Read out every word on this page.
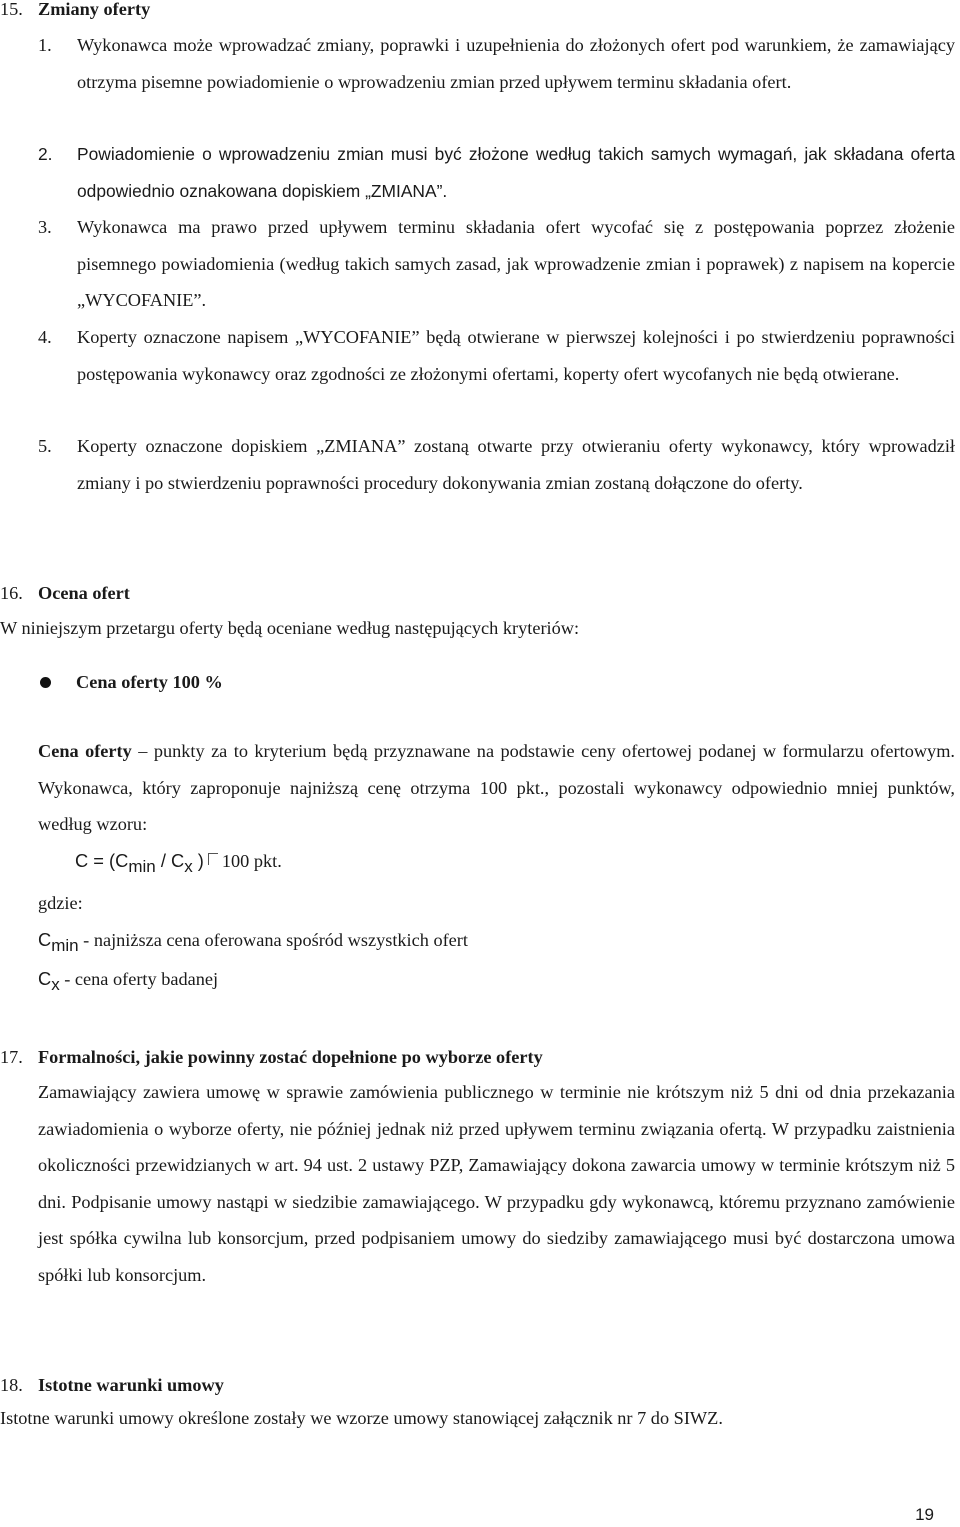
15. Zmiany oferty
1. Wykonawca może wprowadzać zmiany, poprawki i uzupełnienia do złożonych ofert pod warunkiem, że zamawiający otrzyma pisemne powiadomienie o wprowadzeniu zmian przed upływem terminu składania ofert.
2. Powiadomienie o wprowadzeniu zmian musi być złożone według takich samych wymagań, jak składana oferta odpowiednio oznakowana dopiskiem „ZMIANA”.
3. Wykonawca ma prawo przed upływem terminu składania ofert wycofać się z postępowania poprzez złożenie pisemnego powiadomienia (według takich samych zasad, jak wprowadzenie zmian i poprawek) z napisem na kopercie „WYCOFANIE”.
4. Koperty oznaczone napisem „WYCOFANIE” będą otwierane w pierwszej kolejności i po stwierdzeniu poprawności postępowania wykonawcy oraz zgodności ze złożonymi ofertami, koperty ofert wycofanych nie będą otwierane.
5. Koperty oznaczone dopiskiem „ZMIANA” zostaną otwarte przy otwieraniu oferty wykonawcy, który wprowadził zmiany i po stwierdzeniu poprawności procedury dokonywania zmian zostaną dołączone do oferty.
16. Ocena ofert
W niniejszym przetargu oferty będą oceniane według następujących kryteriów:
Cena oferty 100 %
Cena oferty – punkty za to kryterium będą przyznawane na podstawie ceny ofertowej podanej w formularzu ofertowym. Wykonawca, który zaproponuje najniższą cenę otrzyma 100 pkt., pozostali wykonawcy odpowiednio mniej punktów, według wzoru:
$C = (C_{min} / C_x$ ) 100 pkt.
gdzie:
$C_{min}$ - najniższa cena oferowana spośród wszystkich ofert
$C_x$ - cena oferty badanej
17. Formalności, jakie powinny zostać dopełnione po wyborze oferty
Zamawiający zawiera umowę w sprawie zamówienia publicznego w terminie nie krótszym niż 5 dni od dnia przekazania zawiadomienia o wyborze oferty, nie później jednak niż przed upływem terminu związania ofertą. W przypadku zaistnienia okoliczności przewidzianych w art. 94 ust. 2 ustawy PZP, Zamawiający dokona zawarcia umowy w terminie krótszym niż 5 dni. Podpisanie umowy nastąpi w siedzibie zamawiającego. W przypadku gdy wykonawcą, któremu przyznano zamówienie jest spółka cywilna lub konsorcjum, przed podpisaniem umowy do siedziby zamawiającego musi być dostarczona umowa spółki lub konsorcjum.
18. Istotne warunki umowy
Istotne warunki umowy określone zostały we wzorze umowy stanowiącej załącznik nr 7 do SIWZ.
19
